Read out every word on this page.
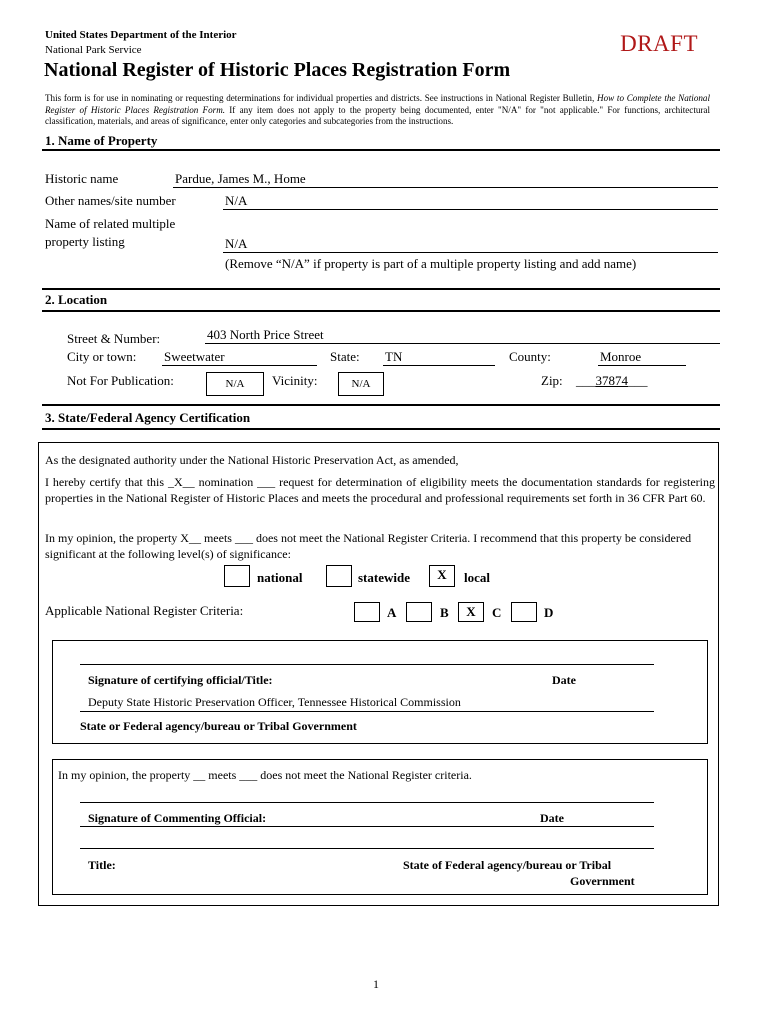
United States Department of the Interior
National Park Service	DRAFT
National Register of Historic Places Registration Form
This form is for use in nominating or requesting determinations for individual properties and districts. See instructions in National Register Bulletin, How to Complete the National Register of Historic Places Registration Form. If any item does not apply to the property being documented, enter "N/A" for "not applicable." For functions, architectural classification, materials, and areas of significance, enter only categories and subcategories from the instructions.
1. Name of Property
Historic name	Pardue, James M., Home
Other names/site number	N/A
Name of related multiple
property listing	N/A
(Remove “N/A” if property is part of a multiple property listing and add name)
2. Location
Street & Number:	403 North Price Street
City or town: Sweetwater	State: TN	County:	Monroe
Not For Publication:	N/A	Vicinity:	N/A	Zip: ___37874___
3. State/Federal Agency Certification
As the designated authority under the National Historic Preservation Act, as amended,
I hereby certify that this _X__ nomination ___ request for determination of eligibility meets the documentation standards for registering properties in the National Register of Historic Places and meets the procedural and professional requirements set forth in 36 CFR Part 60.
In my opinion, the property X__ meets ___ does not meet the National Register Criteria. I recommend that this property be considered significant at the following level(s) of significance:
national	statewide	X	local
Applicable National Register Criteria:	A	B	X	C	D
Signature of certifying official/Title:	Date
Deputy State Historic Preservation Officer, Tennessee Historical Commission
State or Federal agency/bureau or Tribal Government
In my opinion, the property __ meets ___ does not meet the National Register criteria.
Signature of Commenting Official:	Date
Title:	State of Federal agency/bureau or Tribal
Government
1
